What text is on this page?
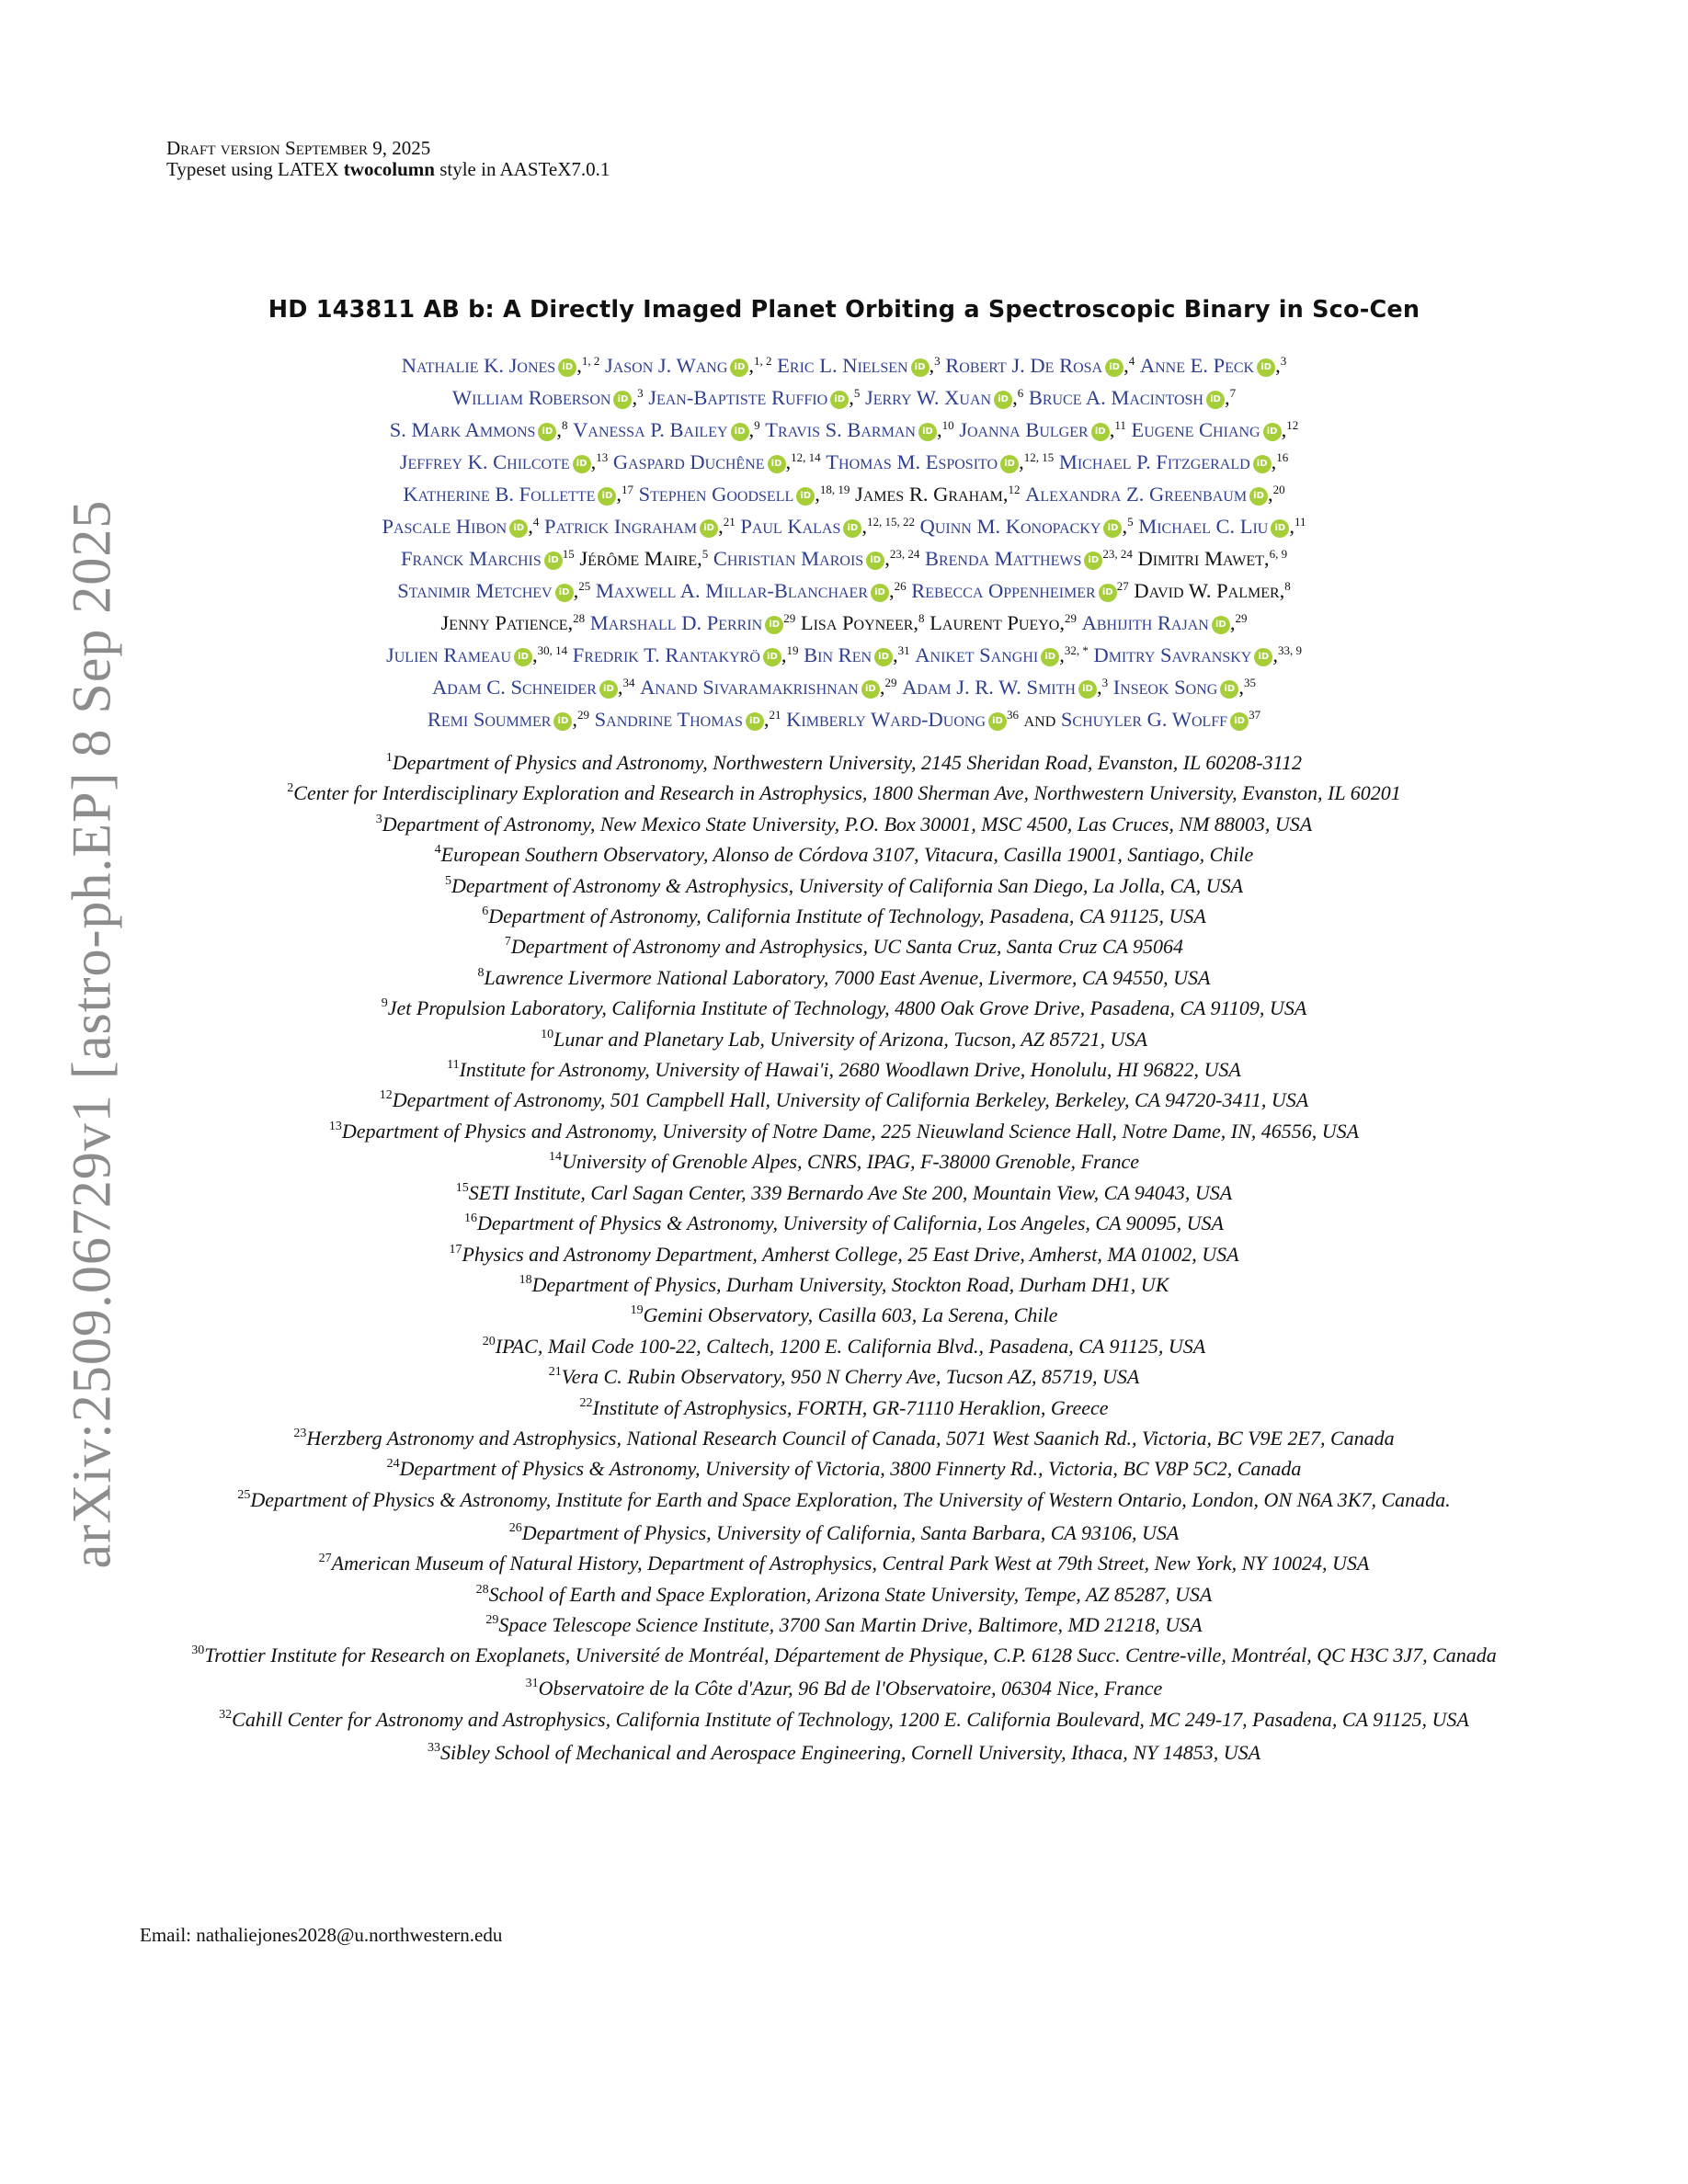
arXiv:2509.06729v1 [astro-ph.EP] 8 Sep 2025
Draft version September 9, 2025
Typeset using LATEX twocolumn style in AASTeX7.0.1
HD 143811 AB b: A Directly Imaged Planet Orbiting a Spectroscopic Binary in Sco-Cen
Nathalie K. Jones iD ,$^{1, 2}$ Jason J. Wang iD ,$^{1, 2}$ Eric L. Nielsen iD ,$^3$ Robert J. De Rosa iD ,$^4$ Anne E. Peck iD ,$^3$
William Roberson iD ,$^3$ Jean-Baptiste Ruffio iD ,$^5$ Jerry W. Xuan iD ,$^6$ Bruce A. Macintosh iD ,$^7$
S. Mark Ammons iD ,$^8$ Vanessa P. Bailey iD ,$^9$ Travis S. Barman iD ,$^{10}$ Joanna Bulger iD ,$^{11}$ Eugene Chiang iD ,$^{12}$
Jeffrey K. Chilcote iD ,$^{13}$ Gaspard Duchêne iD ,$^{12, 14}$ Thomas M. Esposito iD ,$^{12, 15}$ Michael P. Fitzgerald iD ,$^{16}$
Katherine B. Follette iD ,$^{17}$ Stephen Goodsell iD ,$^{18, 19}$ James R. Graham,$^{12}$ Alexandra Z. Greenbaum iD ,$^{20}$
Pascale Hibon iD ,$^4$ Patrick Ingraham iD ,$^{21}$ Paul Kalas iD ,$^{12, 15, 22}$ Quinn M. Konopacky iD ,$^5$ Michael C. Liu iD ,$^{11}$
Franck Marchis iD $^{15}$ Jérôme Maire,$^5$ Christian Marois iD ,$^{23, 24}$ Brenda Matthews iD $^{23, 24}$ Dimitri Mawet,$^{6, 9}$
Stanimir Metchev iD ,$^{25}$ Maxwell A. Millar-Blanchaer iD ,$^{26}$ Rebecca Oppenheimer iD $^{27}$ David W. Palmer,$^8$
Jenny Patience,$^{28}$ Marshall D. Perrin iD $^{29}$ Lisa Poyneer,$^8$ Laurent Pueyo,$^{29}$ Abhijith Rajan iD ,$^{29}$
Julien Rameau iD ,$^{30, 14}$ Fredrik T. Rantakyrö iD ,$^{19}$ Bin Ren iD ,$^{31}$ Aniket Sanghi iD ,$^{32, *}$ Dmitry Savransky iD ,$^{33, 9}$
Adam C. Schneider iD ,$^{34}$ Anand Sivaramakrishnan iD ,$^{29}$ Adam J. R. W. Smith iD ,$^3$ Inseok Song iD ,$^{35}$
Remi Soummer iD ,$^{29}$ Sandrine Thomas iD ,$^{21}$ Kimberly Ward-Duong iD $^{36}$ and Schuyler G. Wolff iD $^{37}$
$^1$Department of Physics and Astronomy, Northwestern University, 2145 Sheridan Road, Evanston, IL 60208-3112
$^2$Center for Interdisciplinary Exploration and Research in Astrophysics, 1800 Sherman Ave, Northwestern University, Evanston, IL 60201
$^3$Department of Astronomy, New Mexico State University, P.O. Box 30001, MSC 4500, Las Cruces, NM 88003, USA
$^4$European Southern Observatory, Alonso de Córdova 3107, Vitacura, Casilla 19001, Santiago, Chile
$^5$Department of Astronomy & Astrophysics, University of California San Diego, La Jolla, CA, USA
$^6$Department of Astronomy, California Institute of Technology, Pasadena, CA 91125, USA
$^7$Department of Astronomy and Astrophysics, UC Santa Cruz, Santa Cruz CA 95064
$^8$Lawrence Livermore National Laboratory, 7000 East Avenue, Livermore, CA 94550, USA
$^9$Jet Propulsion Laboratory, California Institute of Technology, 4800 Oak Grove Drive, Pasadena, CA 91109, USA
$^{10}$Lunar and Planetary Lab, University of Arizona, Tucson, AZ 85721, USA
$^{11}$Institute for Astronomy, University of Hawai'i, 2680 Woodlawn Drive, Honolulu, HI 96822, USA
$^{12}$Department of Astronomy, 501 Campbell Hall, University of California Berkeley, Berkeley, CA 94720-3411, USA
$^{13}$Department of Physics and Astronomy, University of Notre Dame, 225 Nieuwland Science Hall, Notre Dame, IN, 46556, USA
$^{14}$University of Grenoble Alpes, CNRS, IPAG, F-38000 Grenoble, France
$^{15}$SETI Institute, Carl Sagan Center, 339 Bernardo Ave Ste 200, Mountain View, CA 94043, USA
$^{16}$Department of Physics & Astronomy, University of California, Los Angeles, CA 90095, USA
$^{17}$Physics and Astronomy Department, Amherst College, 25 East Drive, Amherst, MA 01002, USA
$^{18}$Department of Physics, Durham University, Stockton Road, Durham DH1, UK
$^{19}$Gemini Observatory, Casilla 603, La Serena, Chile
$^{20}$IPAC, Mail Code 100-22, Caltech, 1200 E. California Blvd., Pasadena, CA 91125, USA
$^{21}$Vera C. Rubin Observatory, 950 N Cherry Ave, Tucson AZ, 85719, USA
$^{22}$Institute of Astrophysics, FORTH, GR-71110 Heraklion, Greece
$^{23}$Herzberg Astronomy and Astrophysics, National Research Council of Canada, 5071 West Saanich Rd., Victoria, BC V9E 2E7, Canada
$^{24}$Department of Physics & Astronomy, University of Victoria, 3800 Finnerty Rd., Victoria, BC V8P 5C2, Canada
$^{25}$Department of Physics & Astronomy, Institute for Earth and Space Exploration, The University of Western Ontario, London, ON N6A 3K7, Canada.
$^{26}$Department of Physics, University of California, Santa Barbara, CA 93106, USA
$^{27}$American Museum of Natural History, Department of Astrophysics, Central Park West at 79th Street, New York, NY 10024, USA
$^{28}$School of Earth and Space Exploration, Arizona State University, Tempe, AZ 85287, USA
$^{29}$Space Telescope Science Institute, 3700 San Martin Drive, Baltimore, MD 21218, USA
$^{30}$Trottier Institute for Research on Exoplanets, Université de Montréal, Département de Physique, C.P. 6128 Succ. Centre-ville, Montréal, QC H3C 3J7, Canada
$^{31}$Observatoire de la Côte d'Azur, 96 Bd de l'Observatoire, 06304 Nice, France
$^{32}$Cahill Center for Astronomy and Astrophysics, California Institute of Technology, 1200 E. California Boulevard, MC 249-17, Pasadena, CA 91125, USA
$^{33}$Sibley School of Mechanical and Aerospace Engineering, Cornell University, Ithaca, NY 14853, USA
Email: nathaliejones2028@u.northwestern.edu
